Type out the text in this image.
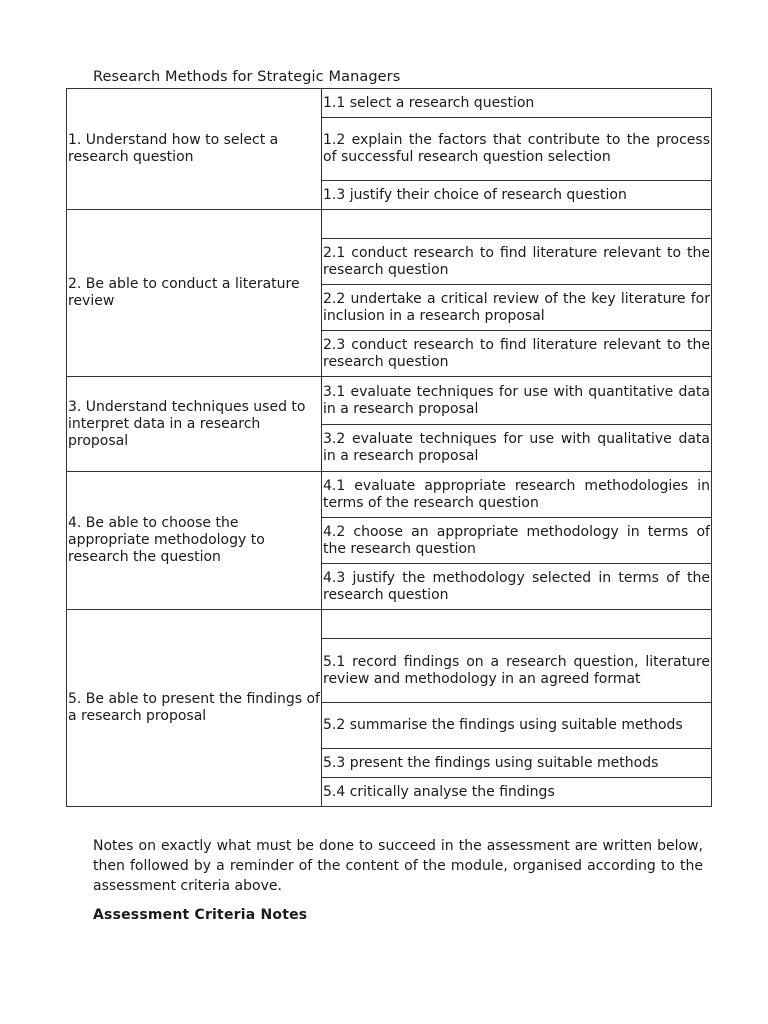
Research Methods for Strategic Managers
1. Understand how to select a research question	1.1 select a research question
	1.2 explain the factors that contribute to the process of successful research question selection
	1.3 justify their choice of research question
2. Be able to conduct a literature review	
	2.1 conduct research to find literature relevant to the research question
	2.2 undertake a critical review of the key literature for inclusion in a research proposal
	2.3 conduct research to find literature relevant to the research question
3. Understand techniques used to interpret data in a research proposal	3.1 evaluate techniques for use with quantitative data in a research proposal
	3.2 evaluate techniques for use with qualitative data in a research proposal
4. Be able to choose the appropriate methodology to research the question	4.1 evaluate appropriate research methodologies in terms of the research question
	4.2 choose an appropriate methodology in terms of the research question
	4.3 justify the methodology selected in terms of the research question
5. Be able to present the findings of a research proposal	
	5.1 record findings on a research question, literature review and methodology in an agreed format
	5.2 summarise the findings using suitable methods
	5.3 present the findings using suitable methods
	5.4 critically analyse the findings
Notes on exactly what must be done to succeed in the assessment are written below, then followed by a reminder of the content of the module, organised according to the assessment criteria above.
Assessment Criteria Notes
